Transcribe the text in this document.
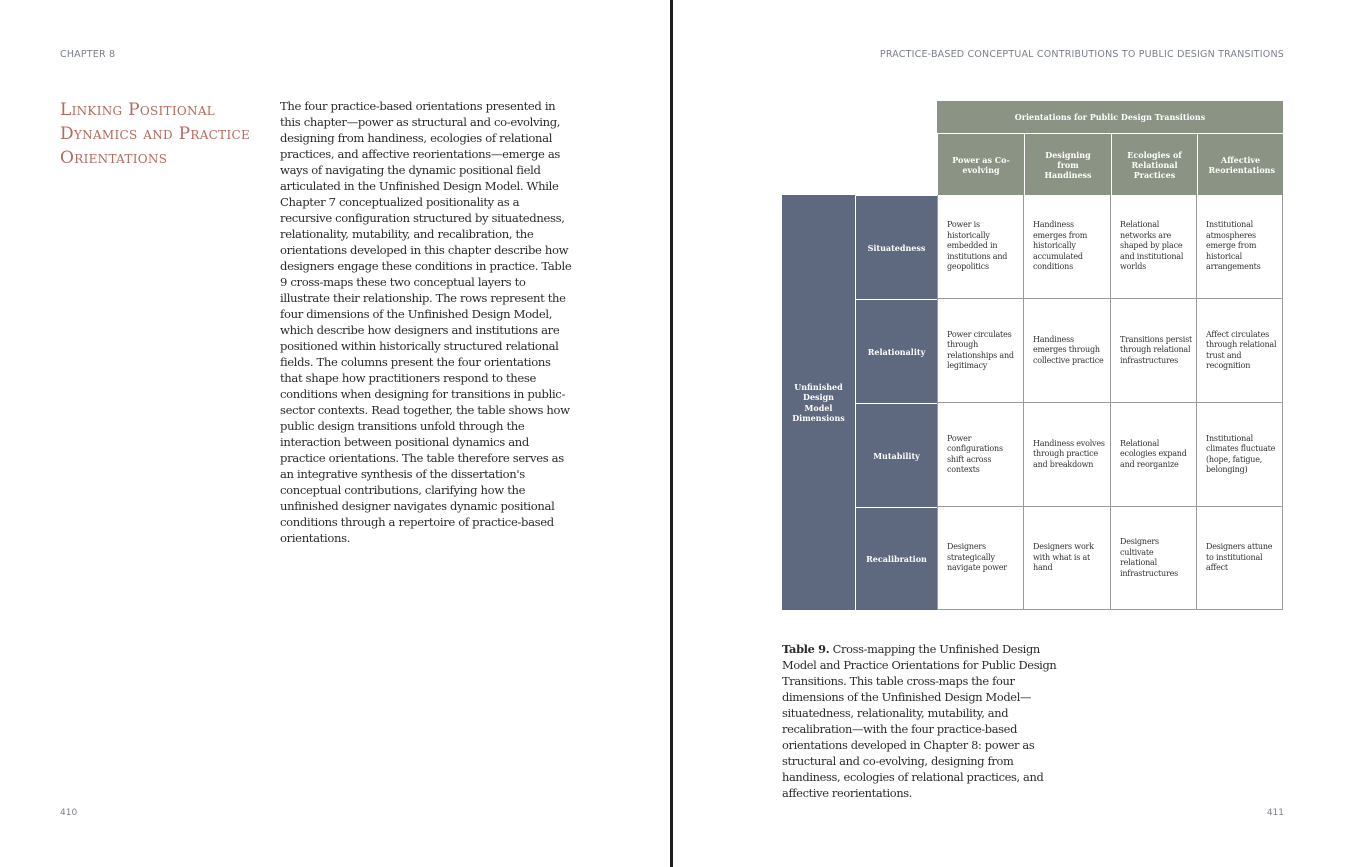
CHAPTER 8
Linking Positional Dynamics and Practice Orientations
The four practice-based orientations presented in this chapter—power as structural and co-evolving, designing from handiness, ecologies of relational practices, and affective reorientations—emerge as ways of navigating the dynamic positional field articulated in the Unfinished Design Model. While Chapter 7 conceptualized positionality as a recursive configuration structured by situatedness, relationality, mutability, and recalibration, the orientations developed in this chapter describe how designers engage these conditions in practice. Table 9 cross-maps these two conceptual layers to illustrate their relationship. The rows represent the four dimensions of the Unfinished Design Model, which describe how designers and institutions are positioned within historically structured relational fields. The columns present the four orientations that shape how practitioners respond to these conditions when designing for transitions in public-sector contexts. Read together, the table shows how public design transitions unfold through the interaction between positional dynamics and practice orientations. The table therefore serves as an integrative synthesis of the dissertation's conceptual contributions, clarifying how the unfinished designer navigates dynamic positional conditions through a repertoire of practice-based orientations.
410
PRACTICE-BASED CONCEPTUAL CONTRIBUTIONS TO PUBLIC DESIGN TRANSITIONS
Orientations for Public Design Transitions
Power as Co-evolving
Designing from Handiness
Ecologies of Relational Practices
Affective Reorientations
Unfinished Design Model Dimensions
Situatedness
Relationality
Mutability
Recalibration
Power is historically embedded in institutions and geopolitics
Handiness emerges from historically accumulated conditions
Relational networks are shaped by place and institutional worlds
Institutional atmospheres emerge from historical arrangements
Power circulates through relationships and legitimacy
Handiness emerges through collective practice
Transitions persist through relational infrastructures
Affect circulates through relational trust and recognition
Power configurations shift across contexts
Handiness evolves through practice and breakdown
Relational ecologies expand and reorganize
Institutional climates fluctuate (hope, fatigue, belonging)
Designers strategically navigate power
Designers work with what is at hand
Designers cultivate relational infrastructures
Designers attune to institutional affect
Table 9. Cross-mapping the Unfinished Design Model and Practice Orientations for Public Design Transitions. This table cross-maps the four dimensions of the Unfinished Design Model—situatedness, relationality, mutability, and recalibration—with the four practice-based orientations developed in Chapter 8: power as structural and co-evolving, designing from handiness, ecologies of relational practices, and affective reorientations.
411
